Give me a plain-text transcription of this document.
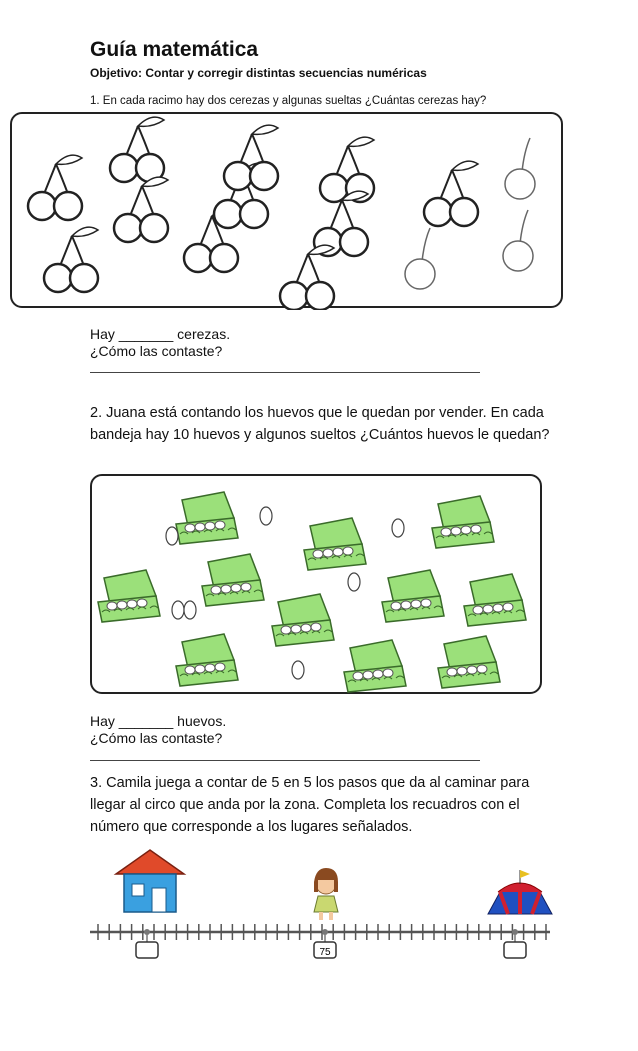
Guía matemática
Objetivo: Contar y corregir distintas secuencias numéricas
1. En cada racimo hay dos cerezas y algunas sueltas ¿Cuántas cerezas hay?
Hay _______ cerezas.
¿Cómo las contaste?
2. Juana está contando los huevos que le quedan por vender. En cada bandeja hay 10 huevos y algunos sueltos ¿Cuántos huevos le quedan?
Hay _______ huevos.
¿Cómo las contaste?
3. Camila juega a contar de 5 en 5 los pasos que da al caminar para llegar al circo que anda por la zona. Completa los recuadros con el número que corresponde a los lugares señalados.
75
